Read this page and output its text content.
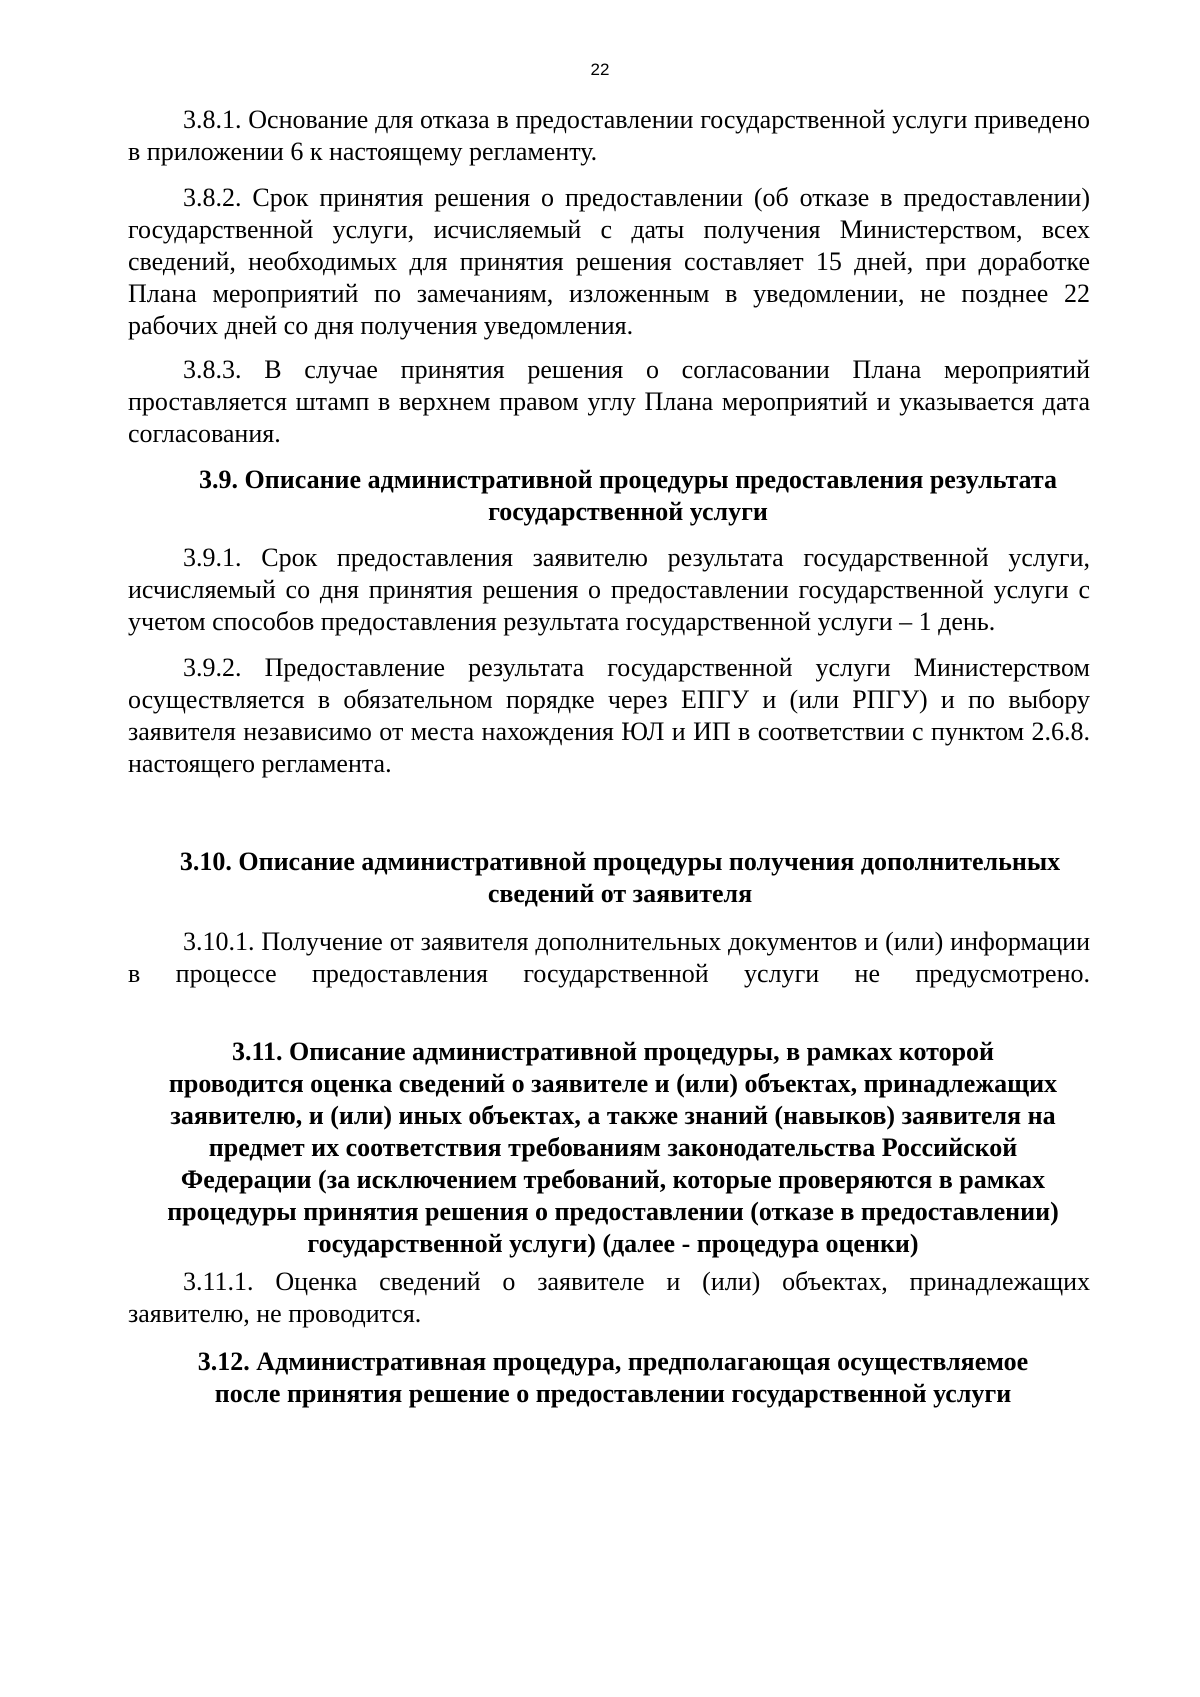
22

3.8.1. Основание для отказа в предоставлении государственной услуги приведено в приложении 6 к настоящему регламенту.

3.8.2. Срок принятия решения о предоставлении (об отказе в предоставлении) государственной услуги, исчисляемый с даты получения Министерством, всех сведений, необходимых для принятия решения составляет 15 дней, при доработке Плана мероприятий по замечаниям, изложенным в уведомлении, не позднее 22 рабочих дней со дня получения уведомления.

3.8.3. В случае принятия решения о согласовании Плана мероприятий проставляется штамп в верхнем правом углу Плана мероприятий и указывается дата согласования.

3.9. Описание административной процедуры предоставления результата
государственной услуги

3.9.1. Срок предоставления заявителю результата государственной услуги, исчисляемый со дня принятия решения о предоставлении государственной услуги с учетом способов предоставления результата государственной услуги – 1 день.

3.9.2. Предоставление результата государственной услуги Министерством осуществляется в обязательном порядке через ЕПГУ и (или РПГУ) и по выбору заявителя независимо от места нахождения ЮЛ и ИП в соответствии с пунктом 2.6.8. настоящего регламента.

3.10. Описание административной процедуры получения дополнительных
сведений от заявителя

3.10.1. Получение от заявителя дополнительных документов и (или) информации в процессе предоставления государственной услуги не предусмотрено.

3.11. Описание административной процедуры, в рамках которой
проводится оценка сведений о заявителе и (или) объектах, принадлежащих
заявителю, и (или) иных объектах, а также знаний (навыков) заявителя на
предмет их соответствия требованиям законодательства Российской
Федерации (за исключением требований, которые проверяются в рамках
процедуры принятия решения о предоставлении (отказе в предоставлении)
государственной услуги) (далее - процедура оценки)

3.11.1. Оценка сведений о заявителе и (или) объектах, принадлежащих заявителю, не проводится.

3.12. Административная процедура, предполагающая осуществляемое
после принятия решение о предоставлении государственной услуги
